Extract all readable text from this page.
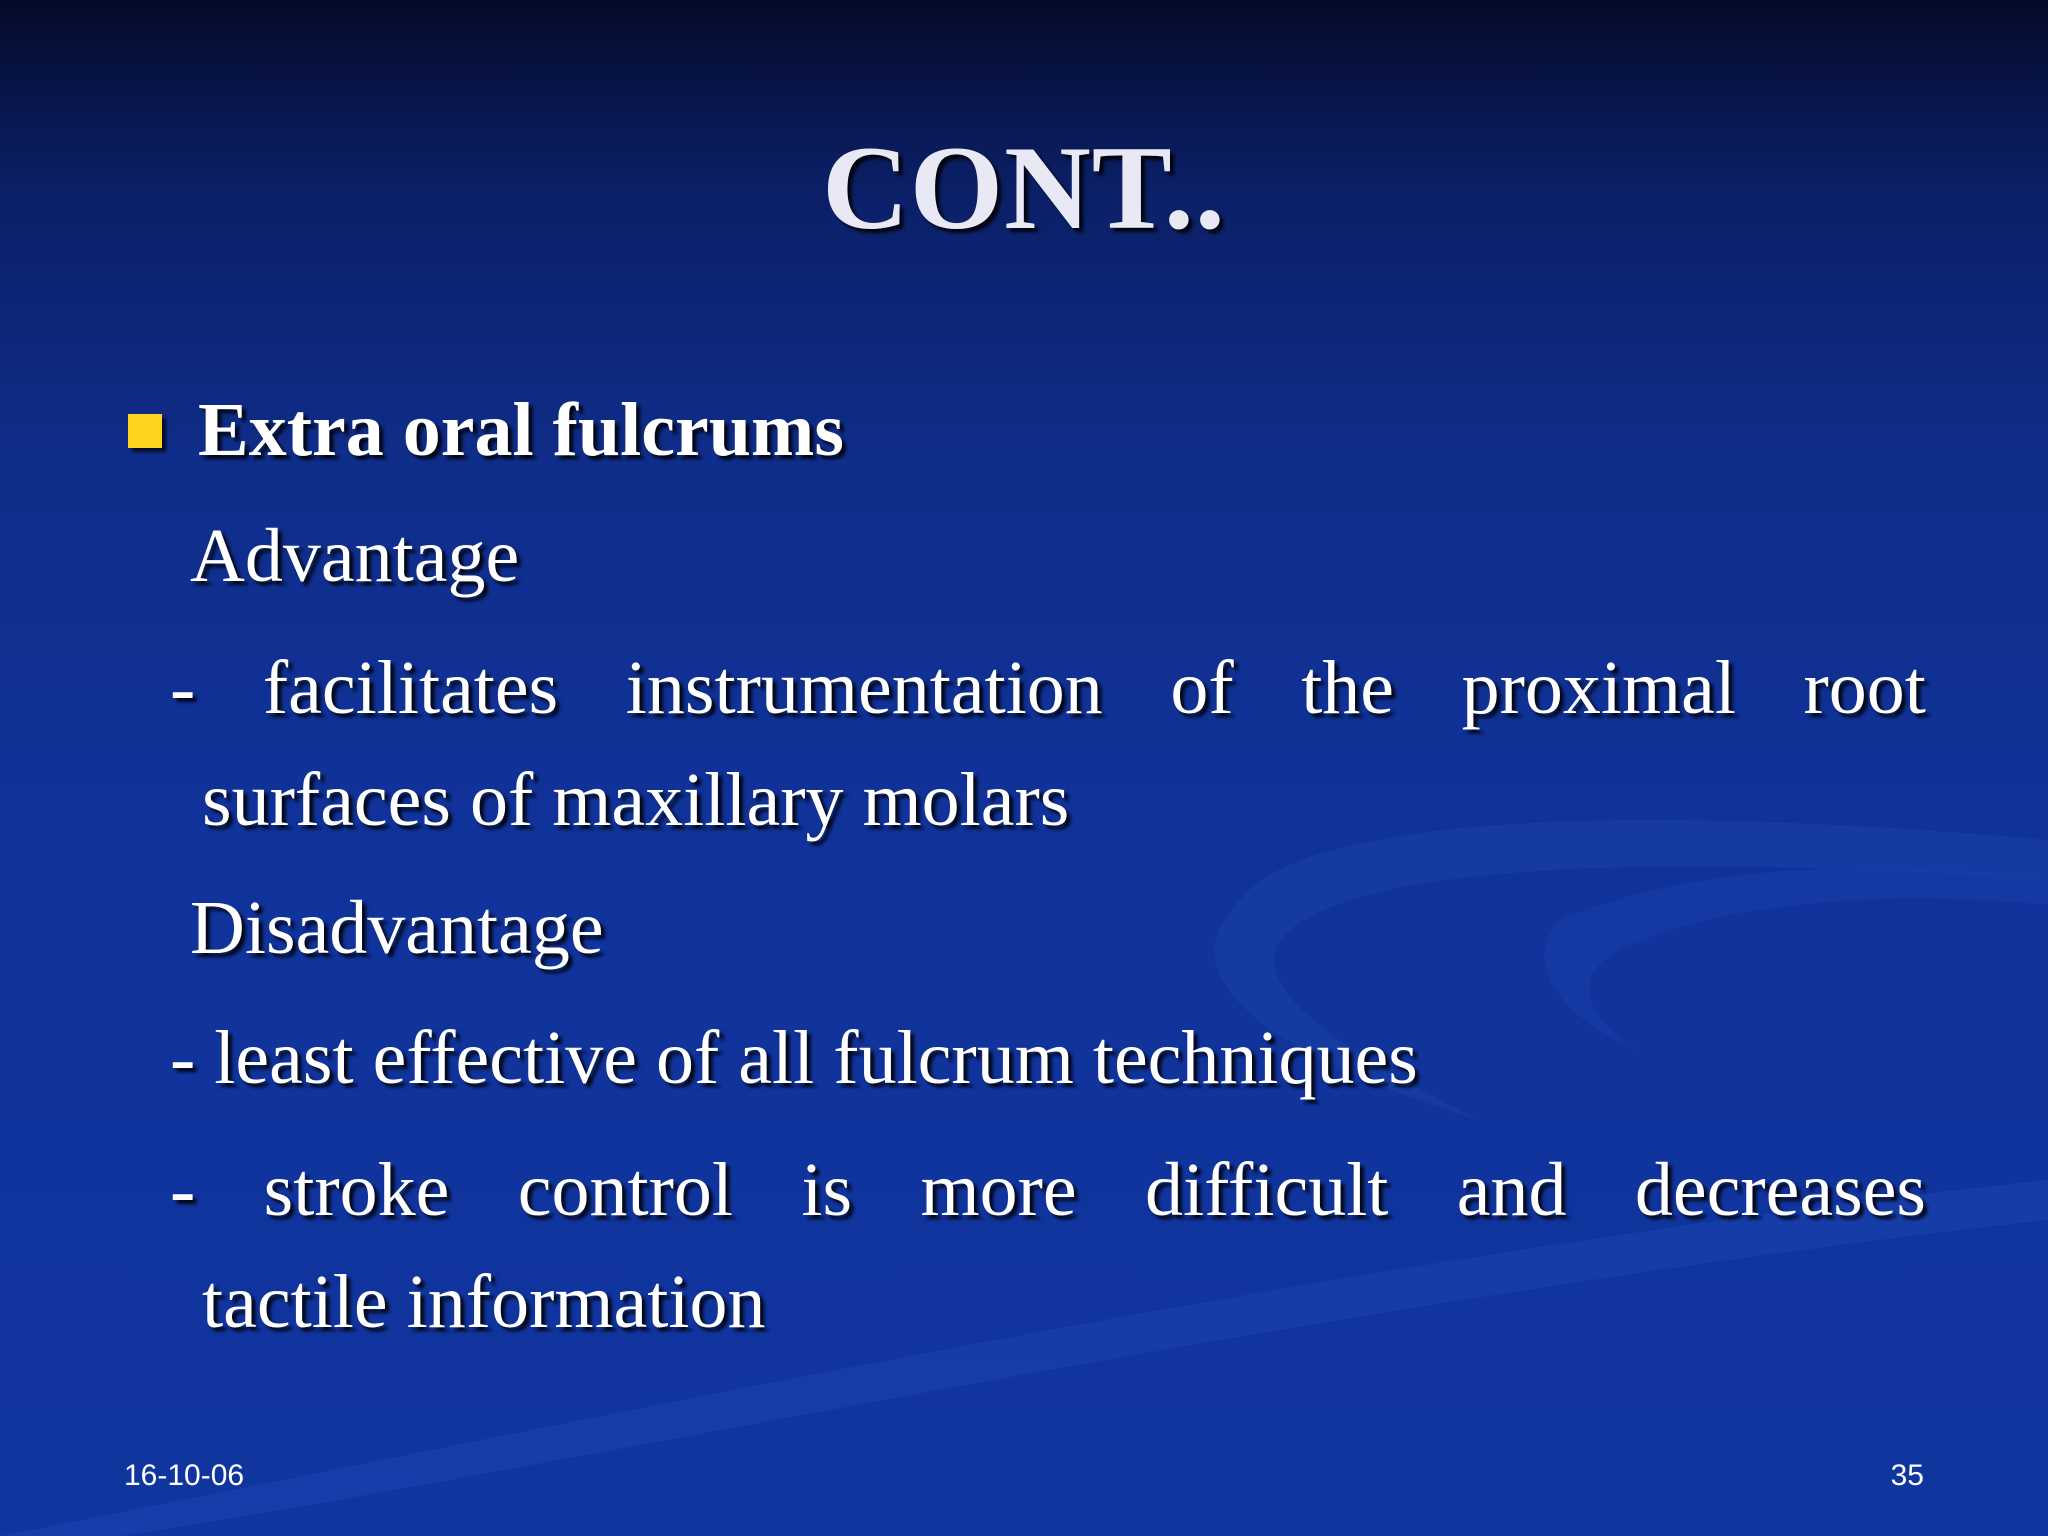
CONT..
Extra oral fulcrums
Advantage
- facilitates instrumentation of the proximal root
surfaces of maxillary molars
Disadvantage
- least effective of all fulcrum techniques
- stroke control is more difficult and decreases
tactile information
16-10-06	35
